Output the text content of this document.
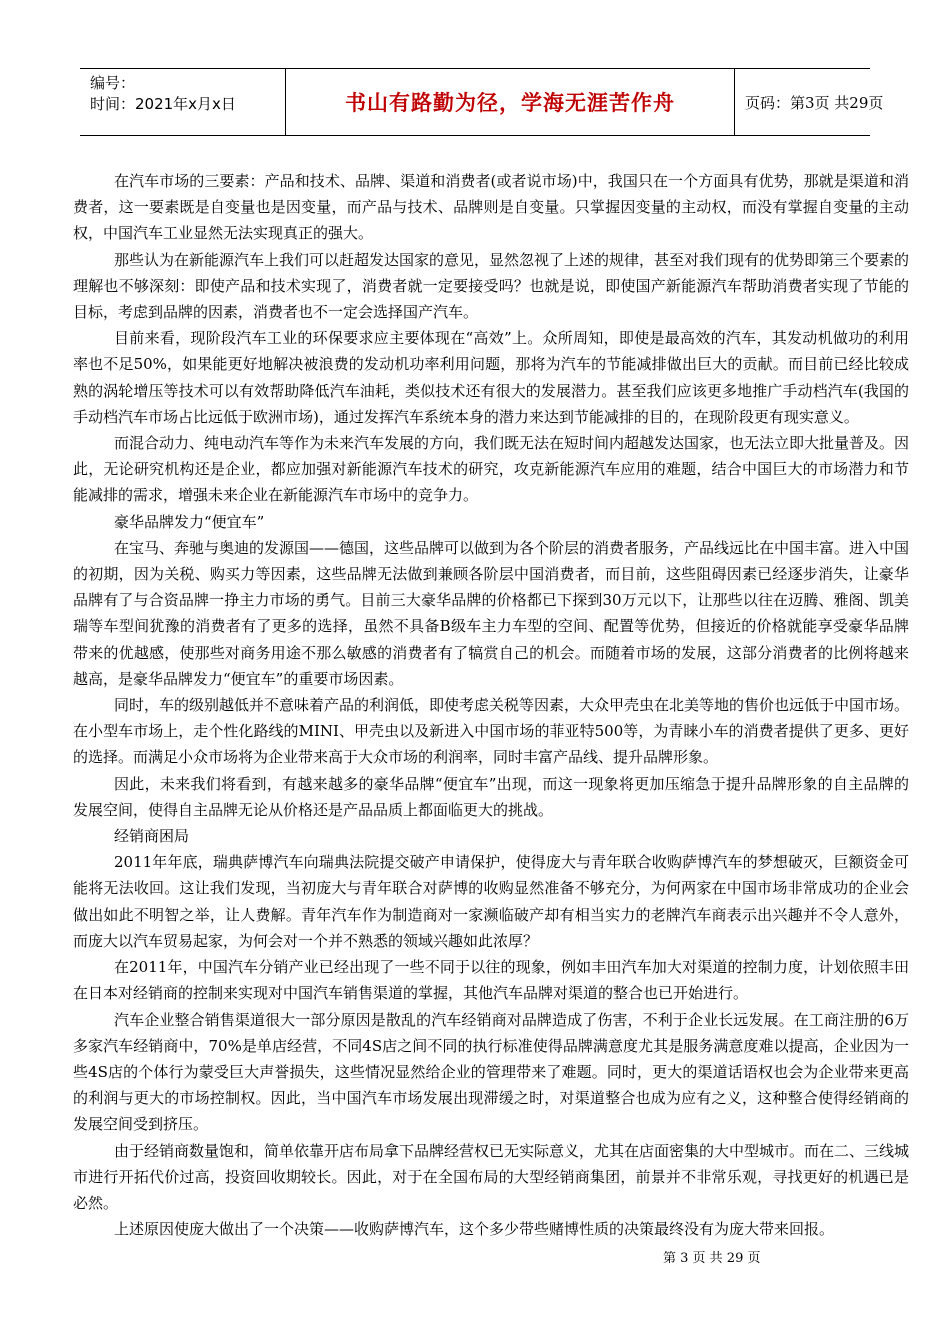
编号：
时间：2021年x月x日	书山有路勤为径，学海无涯苦作舟	页码：第3页 共29页

在汽车市场的三要素：产品和技术、品牌、渠道和消费者(或者说市场)中，我国只在一个方面具有优势，那就是渠道和消费者，这一要素既是自变量也是因变量，而产品与技术、品牌则是自变量。只掌握因变量的主动权，而没有掌握自变量的主动权，中国汽车工业显然无法实现真正的强大。

那些认为在新能源汽车上我们可以赶超发达国家的意见，显然忽视了上述的规律，甚至对我们现有的优势即第三个要素的理解也不够深刻：即使产品和技术实现了，消费者就一定要接受吗？也就是说，即使国产新能源汽车帮助消费者实现了节能的目标，考虑到品牌的因素，消费者也不一定会选择国产汽车。

目前来看，现阶段汽车工业的环保要求应主要体现在“高效”上。众所周知，即使是最高效的汽车，其发动机做功的利用率也不足50%，如果能更好地解决被浪费的发动机功率利用问题，那将为汽车的节能减排做出巨大的贡献。而目前已经比较成熟的涡轮增压等技术可以有效帮助降低汽车油耗，类似技术还有很大的发展潜力。甚至我们应该更多地推广手动档汽车(我国的手动档汽车市场占比远低于欧洲市场)，通过发挥汽车系统本身的潜力来达到节能减排的目的，在现阶段更有现实意义。

而混合动力、纯电动汽车等作为未来汽车发展的方向，我们既无法在短时间内超越发达国家，也无法立即大批量普及。因此，无论研究机构还是企业，都应加强对新能源汽车技术的研究，攻克新能源汽车应用的难题，结合中国巨大的市场潜力和节能减排的需求，增强未来企业在新能源汽车市场中的竞争力。

豪华品牌发力“便宜车”

在宝马、奔驰与奥迪的发源国——德国，这些品牌可以做到为各个阶层的消费者服务，产品线远比在中国丰富。进入中国的初期，因为关税、购买力等因素，这些品牌无法做到兼顾各阶层中国消费者，而目前，这些阻碍因素已经逐步消失，让豪华品牌有了与合资品牌一挣主力市场的勇气。目前三大豪华品牌的价格都已下探到30万元以下，让那些以往在迈腾、雅阁、凯美瑞等车型间犹豫的消费者有了更多的选择，虽然不具备B级车主力车型的空间、配置等优势，但接近的价格就能享受豪华品牌带来的优越感，使那些对商务用途不那么敏感的消费者有了犒赏自己的机会。而随着市场的发展，这部分消费者的比例将越来越高，是豪华品牌发力“便宜车”的重要市场因素。

同时，车的级别越低并不意味着产品的利润低，即使考虑关税等因素，大众甲壳虫在北美等地的售价也远低于中国市场。在小型车市场上，走个性化路线的MINI、甲壳虫以及新进入中国市场的菲亚特500等，为青睐小车的消费者提供了更多、更好的选择。而满足小众市场将为企业带来高于大众市场的利润率，同时丰富产品线、提升品牌形象。

因此，未来我们将看到，有越来越多的豪华品牌“便宜车”出现，而这一现象将更加压缩急于提升品牌形象的自主品牌的发展空间，使得自主品牌无论从价格还是产品品质上都面临更大的挑战。

经销商困局

2011年年底，瑞典萨博汽车向瑞典法院提交破产申请保护，使得庞大与青年联合收购萨博汽车的梦想破灭，巨额资金可能将无法收回。这让我们发现，当初庞大与青年联合对萨博的收购显然准备不够充分，为何两家在中国市场非常成功的企业会做出如此不明智之举，让人费解。青年汽车作为制造商对一家濒临破产却有相当实力的老牌汽车商表示出兴趣并不令人意外，而庞大以汽车贸易起家，为何会对一个并不熟悉的领域兴趣如此浓厚？

在2011年，中国汽车分销产业已经出现了一些不同于以往的现象，例如丰田汽车加大对渠道的控制力度，计划依照丰田在日本对经销商的控制来实现对中国汽车销售渠道的掌握，其他汽车品牌对渠道的整合也已开始进行。

汽车企业整合销售渠道很大一部分原因是散乱的汽车经销商对品牌造成了伤害，不利于企业长远发展。在工商注册的6万多家汽车经销商中，70%是单店经营，不同4S店之间不同的执行标准使得品牌满意度尤其是服务满意度难以提高，企业因为一些4S店的个体行为蒙受巨大声誉损失，这些情况显然给企业的管理带来了难题。同时，更大的渠道话语权也会为企业带来更高的利润与更大的市场控制权。因此，当中国汽车市场发展出现滞缓之时，对渠道整合也成为应有之义，这种整合使得经销商的发展空间受到挤压。

由于经销商数量饱和，简单依靠开店布局拿下品牌经营权已无实际意义，尤其在店面密集的大中型城市。而在二、三线城市进行开拓代价过高，投资回收期较长。因此，对于在全国布局的大型经销商集团，前景并不非常乐观，寻找更好的机遇已是必然。

上述原因使庞大做出了一个决策——收购萨博汽车，这个多少带些赌博性质的决策最终没有为庞大带来回报。

第 3 页 共 29 页
